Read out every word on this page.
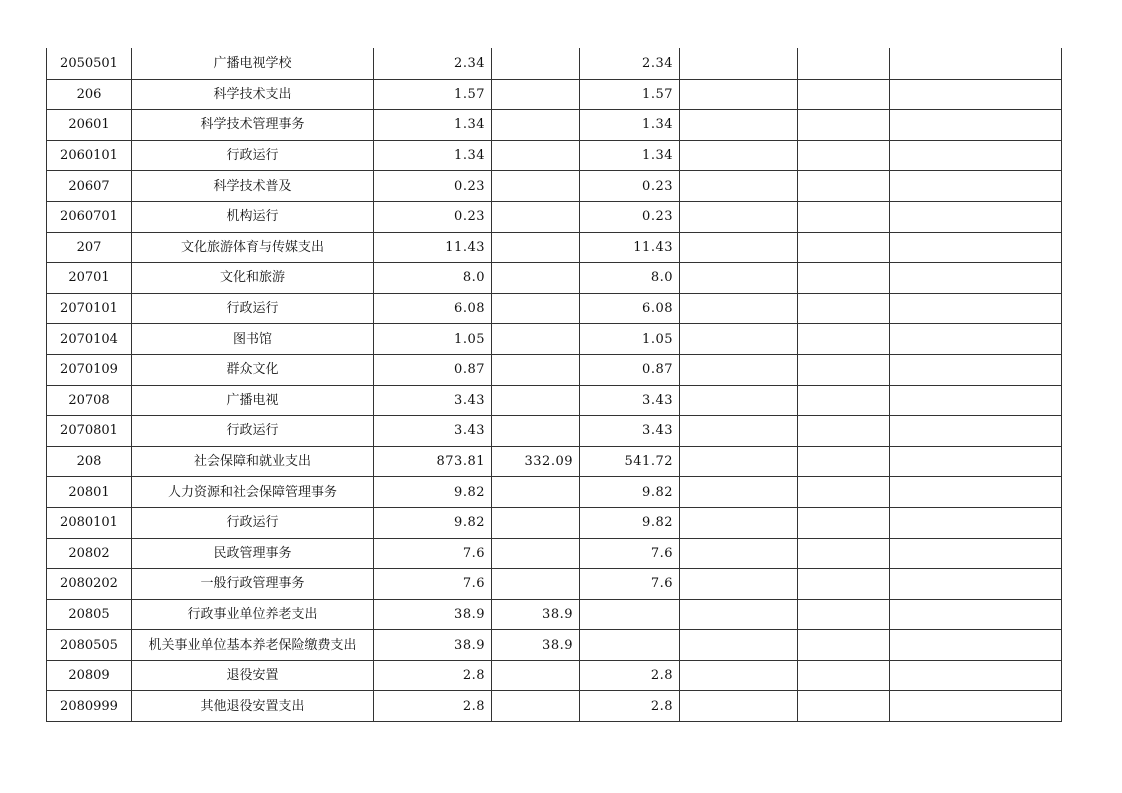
2050501	广播电视学校	2.34		2.34			
206	科学技术支出	1.57		1.57			
20601	科学技术管理事务	1.34		1.34			
2060101	行政运行	1.34		1.34			
20607	科学技术普及	0.23		0.23			
2060701	机构运行	0.23		0.23			
207	文化旅游体育与传媒支出	11.43		11.43			
20701	文化和旅游	8.0		8.0			
2070101	行政运行	6.08		6.08			
2070104	图书馆	1.05		1.05			
2070109	群众文化	0.87		0.87			
20708	广播电视	3.43		3.43			
2070801	行政运行	3.43		3.43			
208	社会保障和就业支出	873.81	332.09	541.72			
20801	人力资源和社会保障管理事务	9.82		9.82			
2080101	行政运行	9.82		9.82			
20802	民政管理事务	7.6		7.6			
2080202	一般行政管理事务	7.6		7.6			
20805	行政事业单位养老支出	38.9	38.9				
2080505	机关事业单位基本养老保险缴费支出	38.9	38.9				
20809	退役安置	2.8		2.8			
2080999	其他退役安置支出	2.8		2.8			
